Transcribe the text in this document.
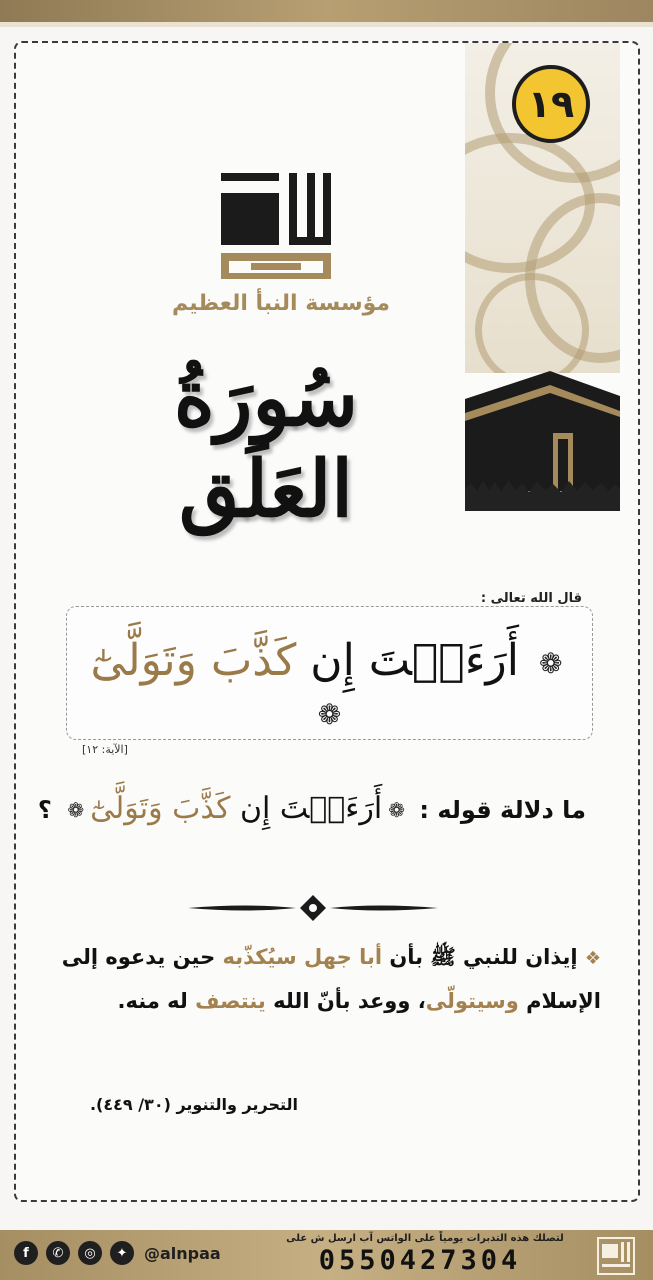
١٩
مؤسسة النبأ العظيم
سُورَةُ العَلَق
قال الله تعالى :
❁ أَرَءَيۡتَ إِن كَذَّبَ وَتَوَلَّىٰٓ ❁
[الآية: ١٢]
ما دلالة قوله : ❁أَرَءَيۡتَ إِن كَذَّبَ وَتَوَلَّىٰٓ❁ ؟
❖ إيذان للنبي ﷺ بأن أبا جهل سيُكذّبه حين يدعوه إلى الإسلام وسيتولّى، ووعد بأنّ الله ينتصف له منه.
التحرير والتنوير (٣٠/ ٤٤٩).
f	✆	◎	✦	@alnpaa
لتصلك هذه التدبرات يومياً على الواتس آب ارسل ش على
0550427304
